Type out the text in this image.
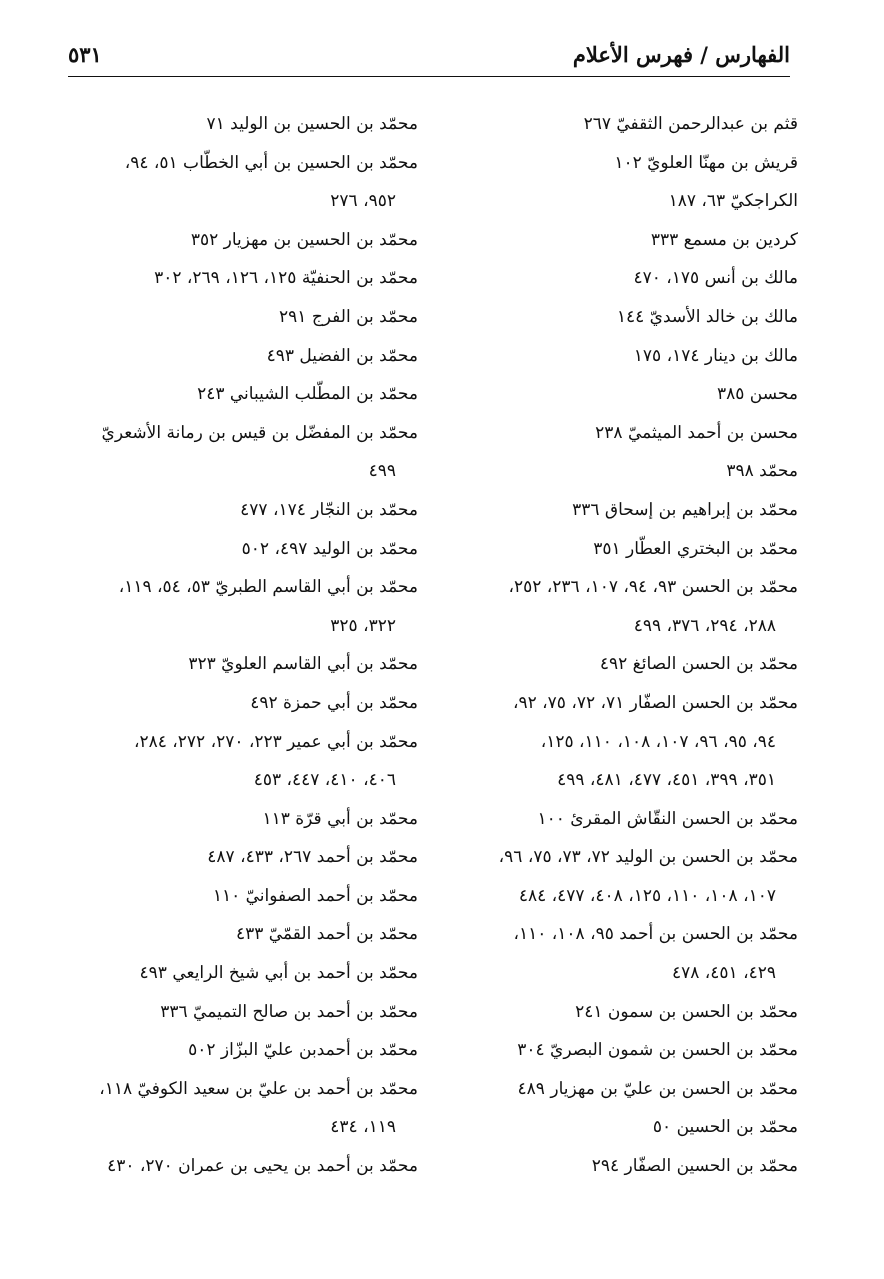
الفهارس / فهرس الأعلام
٥٣١
قثم بن عبدالرحمن الثقفيّ ٢٦٧
قريش بن مهنّا العلويّ ١٠٢
الكراجكيّ ٦٣، ١٨٧
كردين بن مسمع ٣٣٣
مالك بن أنس ١٧٥، ٤٧٠
مالك بن خالد الأسديّ ١٤٤
مالك بن دينار ١٧٤، ١٧٥
محسن ٣٨٥
محسن بن أحمد الميثميّ ٢٣٨
محمّد ٣٩٨
محمّد بن إبراهيم بن إسحاق ٣٣٦
محمّد بن البختري العطّار ٣٥١
محمّد بن الحسن ٩٣، ٩٤، ١٠٧، ٢٣٦، ٢٥٢،
٢٨٨، ٢٩٤، ٣٧٦، ٤٩٩
محمّد بن الحسن الصائغ ٤٩٢
محمّد بن الحسن الصفّار ٧١، ٧٢، ٧٥، ٩٢،
٩٤، ٩٥، ٩٦، ١٠٧، ١٠٨، ١١٠، ١٢٥،
٣٥١، ٣٩٩، ٤٥١، ٤٧٧، ٤٨١، ٤٩٩
محمّد بن الحسن النقّاش المقرئ ١٠٠
محمّد بن الحسن بن الوليد ٧٢، ٧٣، ٧٥، ٩٦،
١٠٧، ١٠٨، ١١٠، ١٢٥، ٤٠٨، ٤٧٧، ٤٨٤
محمّد بن الحسن بن أحمد ٩٥، ١٠٨، ١١٠،
٤٢٩، ٤٥١، ٤٧٨
محمّد بن الحسن بن سمون ٢٤١
محمّد بن الحسن بن شمون البصريّ ٣٠٤
محمّد بن الحسن بن عليّ بن مهزيار ٤٨٩
محمّد بن الحسين ٥٠
محمّد بن الحسين الصفّار ٢٩٤
محمّد بن الحسين بن الوليد ٧١
محمّد بن الحسين بن أبي الخطّاب ٥١، ٩٤،
٩٥٢، ٢٧٦
محمّد بن الحسين بن مهزيار ٣٥٢
محمّد بن الحنفيّة ١٢٥، ١٢٦، ٢٦٩، ٣٠٢
محمّد بن الفرج ٢٩١
محمّد بن الفضيل ٤٩٣
محمّد بن المطّلب الشيباني ٢٤٣
محمّد بن المفضّل بن قيس بن رمانة الأشعريّ
٤٩٩
محمّد بن النجّار ١٧٤، ٤٧٧
محمّد بن الوليد ٤٩٧، ٥٠٢
محمّد بن أبي القاسم الطبريّ ٥٣، ٥٤، ١١٩،
٣٢٢، ٣٢٥
محمّد بن أبي القاسم العلويّ ٣٢٣
محمّد بن أبي حمزة ٤٩٢
محمّد بن أبي عمير ٢٢٣، ٢٧٠، ٢٧٢، ٢٨٤،
٤٠٦، ٤١٠، ٤٤٧، ٤٥٣
محمّد بن أبي قرّة ١١٣
محمّد بن أحمد ٢٦٧، ٤٣٣، ٤٨٧
محمّد بن أحمد الصفوانيّ ١١٠
محمّد بن أحمد القمّيّ ٤٣٣
محمّد بن أحمد بن أبي شيخ الرايعي ٤٩٣
محمّد بن أحمد بن صالح التميميّ ٣٣٦
محمّد بن أحمدبن عليّ البزّاز ٥٠٢
محمّد بن أحمد بن عليّ بن سعيد الكوفيّ ١١٨،
١١٩، ٤٣٤
محمّد بن أحمد بن يحيى بن عمران ٢٧٠، ٤٣٠
